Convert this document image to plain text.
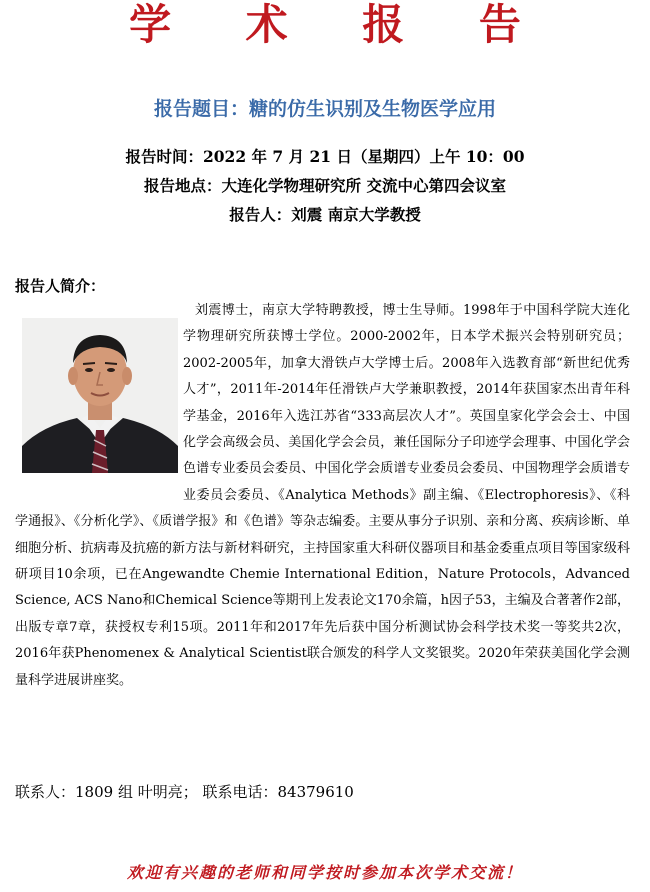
学 术 报 告
报告题目：糖的仿生识别及生物医学应用
报告时间：2022 年 7 月 21 日（星期四）上午 10：00
报告地点：大连化学物理研究所 交流中心第四会议室
报告人：刘震 南京大学教授
报告人简介：
刘震博士，南京大学特聘教授，博士生导师。1998年于中国科学院大连化学物理研究所获博士学位。2000-2002年，日本学术振兴会特别研究员；2002-2005年，加拿大滑铁卢大学博士后。2008年入选教育部“新世纪优秀人才”，2011年-2014年任滑铁卢大学兼职教授，2014年获国家杰出青年科学基金，2016年入选江苏省“333高层次人才”。英国皇家化学会会士、中国化学会高级会员、美国化学会会员，兼任国际分子印迹学会理事、中国化学会色谱专业委员会委员、中国化学会质谱专业委员会委员、中国物理学会质谱专业委员会委员、《Analytica Methods》副主编、《Electrophoresis》、《科学通报》、《分析化学》、《质谱学报》和《色谱》等杂志编委。主要从事分子识别、亲和分离、疾病诊断、单细胞分析、抗病毒及抗癌的新方法与新材料研究，主持国家重大科研仪器项目和基金委重点项目等国家级科研项目10余项，已在Angewandte Chemie International Edition，Nature Protocols，Advanced Science, ACS Nano和Chemical Science等期刊上发表论文170余篇，h因子53，主编及合著著作2部，出版专章7章，获授权专利15项。2011年和2017年先后获中国分析测试协会科学技术奖一等奖共2次，2016年获Phenomenex & Analytical Scientist联合颁发的科学人文奖银奖。2020年荣获美国化学会测量科学进展讲座奖。
联系人：1809 组 叶明亮； 联系电话：84379610
欢迎有兴趣的老师和同学按时参加本次学术交流！
